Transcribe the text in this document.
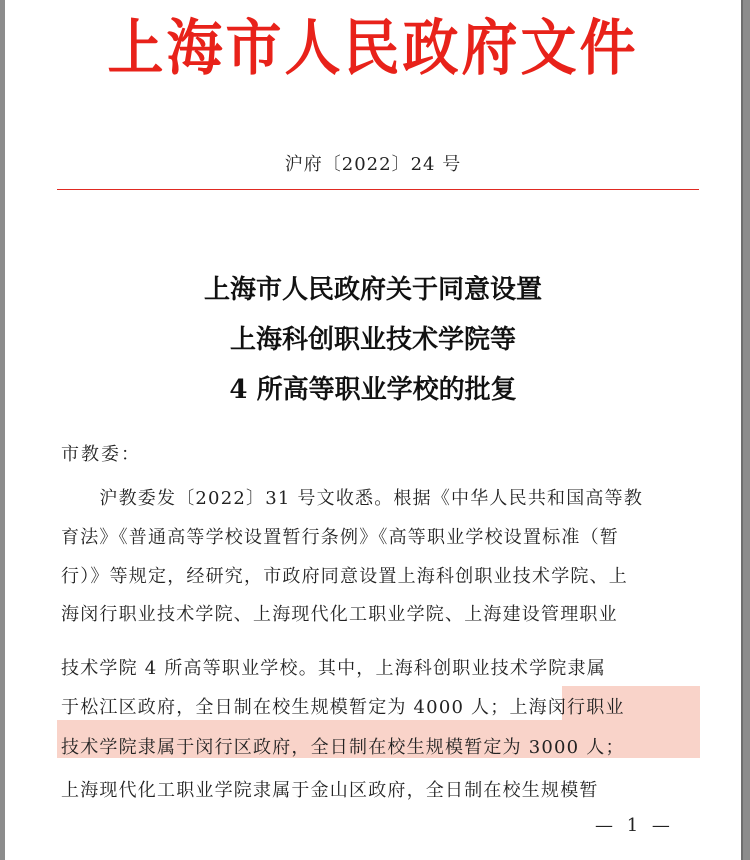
上海市人民政府文件
沪府〔2022〕24 号
上海市人民政府关于同意设置
上海科创职业技术学院等
4 所高等职业学校的批复
市教委：
　　沪教委发〔2022〕31 号文收悉。根据《中华人民共和国高等教
育法》《普通高等学校设置暂行条例》《高等职业学校设置标准（暂
行）》等规定，经研究，市政府同意设置上海科创职业技术学院、上
海闵行职业技术学院、上海现代化工职业学院、上海建设管理职业
技术学院 4 所高等职业学校。其中，上海科创职业技术学院隶属
于松江区政府，全日制在校生规模暂定为 4000 人；上海闵行职业
技术学院隶属于闵行区政府，全日制在校生规模暂定为 3000 人；
上海现代化工职业学院隶属于金山区政府，全日制在校生规模暂
— 1 —
